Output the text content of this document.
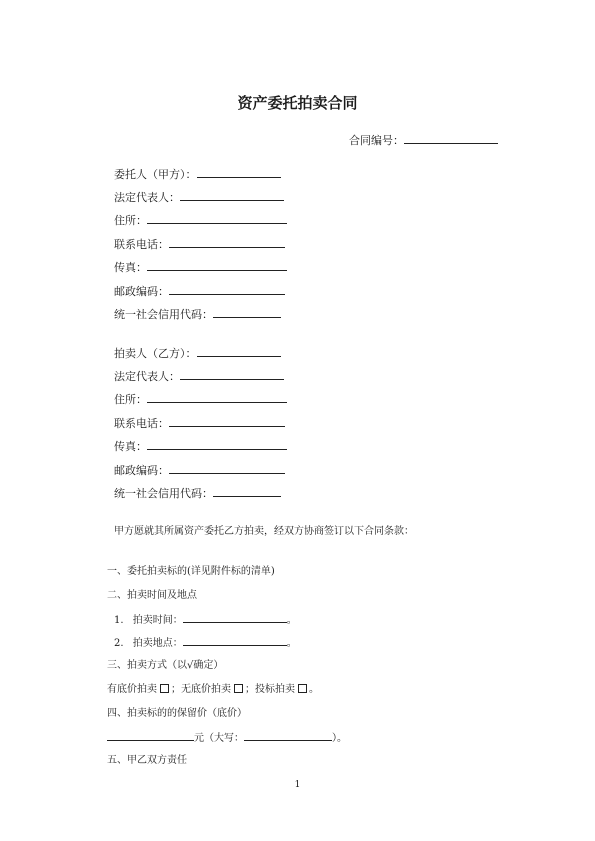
资产委托拍卖合同
合同编号：
委托人（甲方）：
法定代表人：
住所：
联系电话：
传真：
邮政编码：
统一社会信用代码：
拍卖人（乙方）：
法定代表人：
住所：
联系电话：
传真：
邮政编码：
统一社会信用代码：
甲方愿就其所属资产委托乙方拍卖，经双方协商签订以下合同条款：
一、委托拍卖标的(详见附件标的清单)
二、拍卖时间及地点
1. 拍卖时间：	。
2. 拍卖地点：	。
三、拍卖方式（以√确定）
有底价拍卖 ；无底价拍卖 ；投标拍卖 。
四、拍卖标的的保留价（底价）
元（大写：	）。
五、甲乙双方责任
1
